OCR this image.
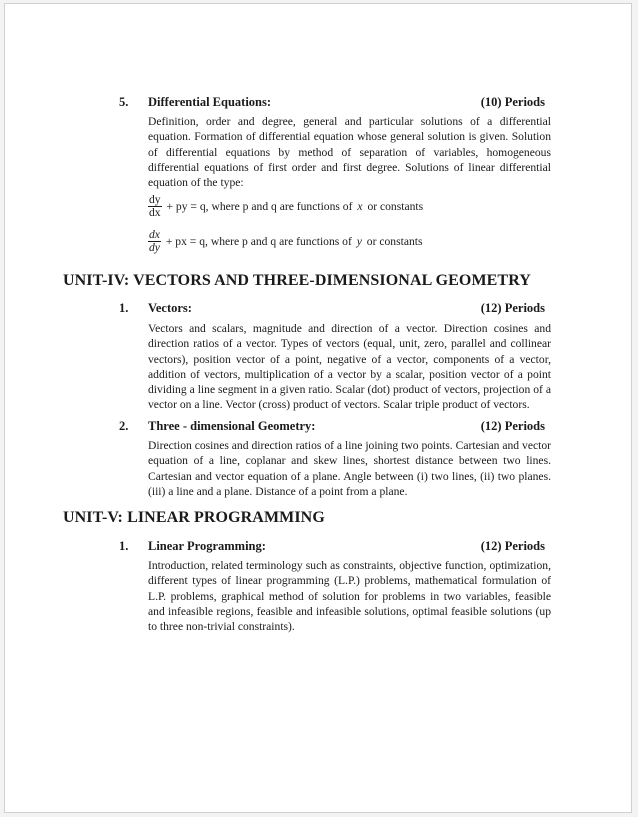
5. Differential Equations:	(10) Periods
Definition, order and degree, general and particular solutions of a differential equation. Formation of differential equation whose general solution is given. Solution of differential equations by method of separation of variables, homogeneous differential equations of first order and first degree. Solutions of linear differential equation of the type:
$\frac{dy}{dx}$ + py = q, where p and q are functions of x or constants
$\frac{dx}{dy}$ + px = q, where p and q are functions of y or constants
UNIT-IV: VECTORS AND THREE-DIMENSIONAL GEOMETRY
1. Vectors:	(12) Periods
Vectors and scalars, magnitude and direction of a vector. Direction cosines and direction ratios of a vector. Types of vectors (equal, unit, zero, parallel and collinear vectors), position vector of a point, negative of a vector, components of a vector, addition of vectors, multiplication of a vector by a scalar, position vector of a point dividing a line segment in a given ratio. Scalar (dot) product of vectors, projection of a vector on a line. Vector (cross) product of vectors. Scalar triple product of vectors.
2. Three - dimensional Geometry:	(12) Periods
Direction cosines and direction ratios of a line joining two points. Cartesian and vector equation of a line, coplanar and skew lines, shortest distance between two lines. Cartesian and vector equation of a plane. Angle between (i) two lines, (ii) two planes. (iii) a line and a plane. Distance of a point from a plane.
UNIT-V: LINEAR PROGRAMMING
1. Linear Programming:	(12) Periods
Introduction, related terminology such as constraints, objective function, optimization, different types of linear programming (L.P.) problems, mathematical formulation of L.P. problems, graphical method of solution for problems in two variables, feasible and infeasible regions, feasible and infeasible solutions, optimal feasible solutions (up to three non-trivial constraints).
